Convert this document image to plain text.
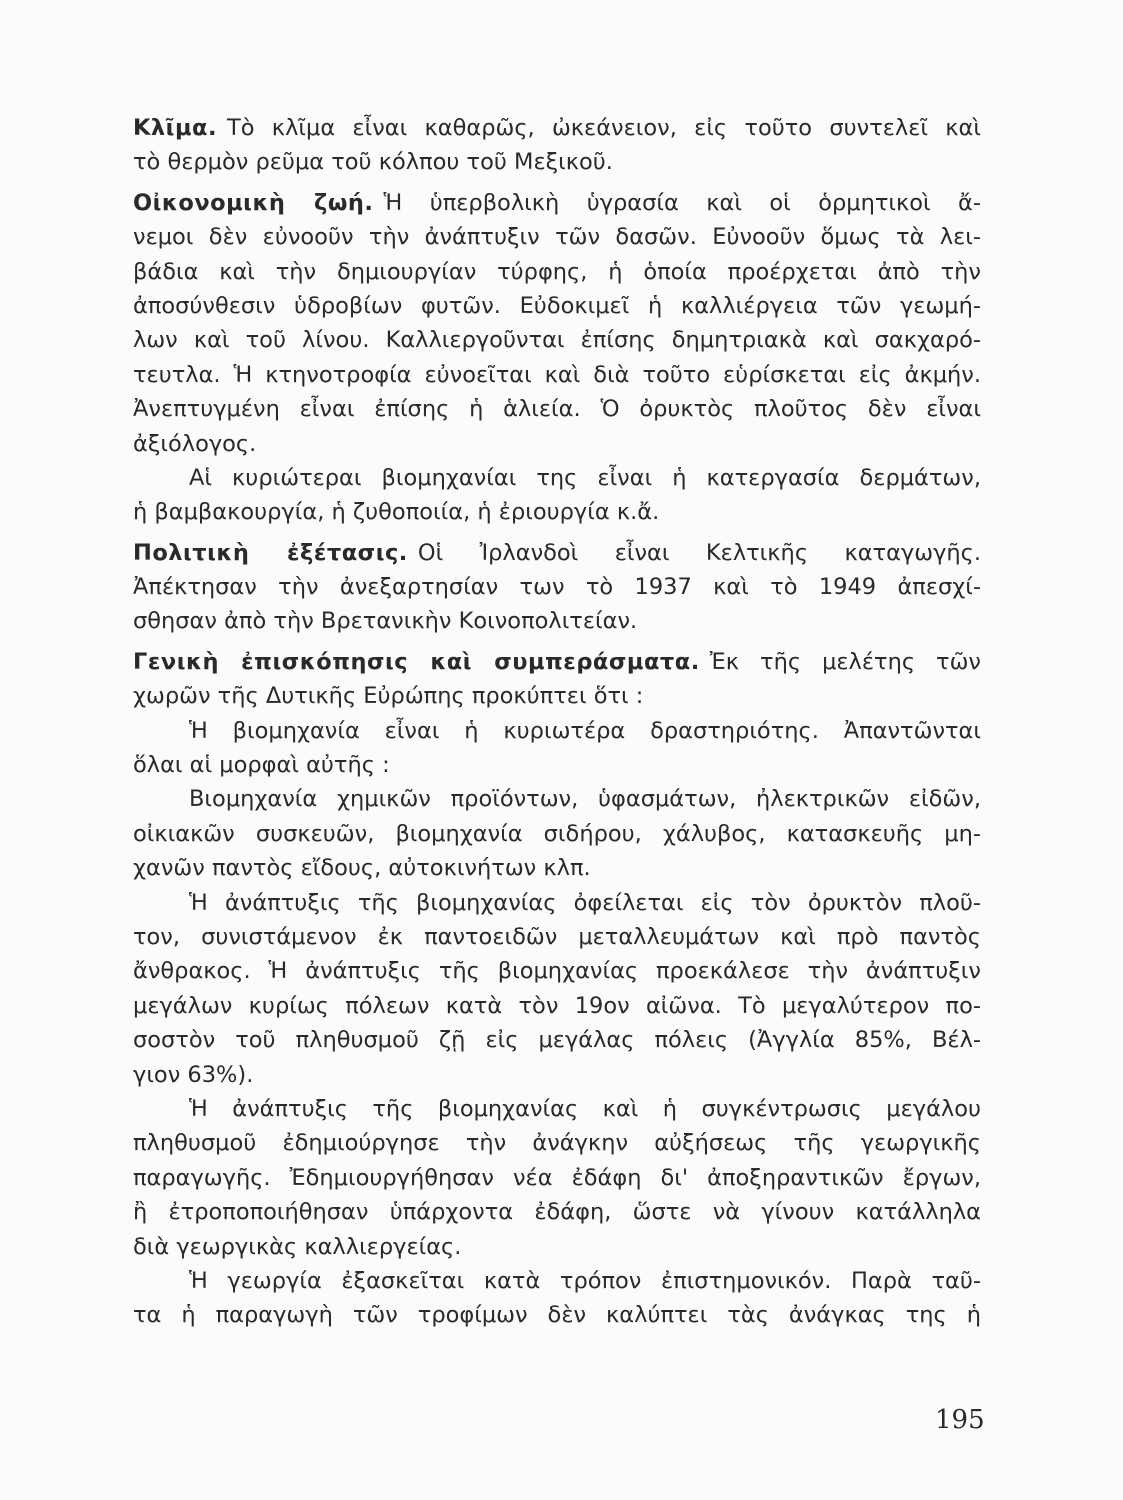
Κλῖμα. Τὸ κλῖμα εἶναι καθαρῶς, ὠκεάνειον, εἰς τοῦτο συντελεῖ καὶ
τὸ θερμὸν ρεῦμα τοῦ κόλπου τοῦ Μεξικοῦ.
Οἰκονομικὴ ζωή. Ἡ ὑπερβολικὴ ὑγρασία καὶ οἱ ὁρμητικοὶ ἄ-
νεμοι δὲν εὐνοοῦν τὴν ἀνάπτυξιν τῶν δασῶν. Εὐνοοῦν ὅμως τὰ λει-
βάδια καὶ τὴν δημιουργίαν τύρφης, ἡ ὁποία προέρχεται ἀπὸ τὴν
ἀποσύνθεσιν ὑδροβίων φυτῶν. Εὐδοκιμεῖ ἡ καλλιέργεια τῶν γεωμή-
λων καὶ τοῦ λίνου. Καλλιεργοῦνται ἐπίσης δημητριακὰ καὶ σακχαρό-
τευτλα. Ἡ κτηνοτροφία εὐνοεῖται καὶ διὰ τοῦτο εὑρίσκεται εἰς ἀκμήν.
Ἀνεπτυγμένη εἶναι ἐπίσης ἡ ἁλιεία. Ὁ ὀρυκτὸς πλοῦτος δὲν εἶναι
ἀξιόλογος.
Αἱ κυριώτεραι βιομηχανίαι της εἶναι ἡ κατεργασία δερμάτων,
ἡ βαμβακουργία, ἡ ζυθοποιία, ἡ ἐριουργία κ.ἄ.
Πολιτικὴ ἐξέτασις. Οἱ Ἰρλανδοὶ εἶναι Κελτικῆς καταγωγῆς.
Ἀπέκτησαν τὴν ἀνεξαρτησίαν των τὸ 1937 καὶ τὸ 1949 ἀπεσχί-
σθησαν ἀπὸ τὴν Βρετανικὴν Κοινοπολιτείαν.
Γενικὴ ἐπισκόπησις καὶ συμπεράσματα. Ἐκ τῆς μελέτης τῶν
χωρῶν τῆς Δυτικῆς Εὐρώπης προκύπτει ὅτι :
Ἡ βιομηχανία εἶναι ἡ κυριωτέρα δραστηριότης. Ἀπαντῶνται
ὅλαι αἱ μορφαὶ αὐτῆς :
Βιομηχανία χημικῶν προϊόντων, ὑφασμάτων, ἠλεκτρικῶν εἰδῶν,
οἰκιακῶν συσκευῶν, βιομηχανία σιδήρου, χάλυβος, κατασκευῆς μη-
χανῶν παντὸς εἴδους, αὐτοκινήτων κλπ.
Ἡ ἀνάπτυξις τῆς βιομηχανίας ὀφείλεται εἰς τὸν ὀρυκτὸν πλοῦ-
τον, συνιστάμενον ἐκ παντοειδῶν μεταλλευμάτων καὶ πρὸ παντὸς
ἄνθρακος. Ἡ ἀνάπτυξις τῆς βιομηχανίας προεκάλεσε τὴν ἀνάπτυξιν
μεγάλων κυρίως πόλεων κατὰ τὸν 19ον αἰῶνα. Τὸ μεγαλύτερον πο-
σοστὸν τοῦ πληθυσμοῦ ζῇ εἰς μεγάλας πόλεις (Ἀγγλία 85%, Βέλ-
γιον 63%).
Ἡ ἀνάπτυξις τῆς βιομηχανίας καὶ ἡ συγκέντρωσις μεγάλου
πληθυσμοῦ ἐδημιούργησε τὴν ἀνάγκην αὐξήσεως τῆς γεωργικῆς
παραγωγῆς. Ἐδημιουργήθησαν νέα ἐδάφη δι' ἀποξηραντικῶν ἔργων,
ἢ ἐτροποποιήθησαν ὑπάρχοντα ἐδάφη, ὥστε νὰ γίνουν κατάλληλα
διὰ γεωργικὰς καλλιεργείας.
Ἡ γεωργία ἐξασκεῖται κατὰ τρόπον ἐπιστημονικόν. Παρὰ ταῦ-
τα ἡ παραγωγὴ τῶν τροφίμων δὲν καλύπτει τὰς ἀνάγκας της ἡ
195
